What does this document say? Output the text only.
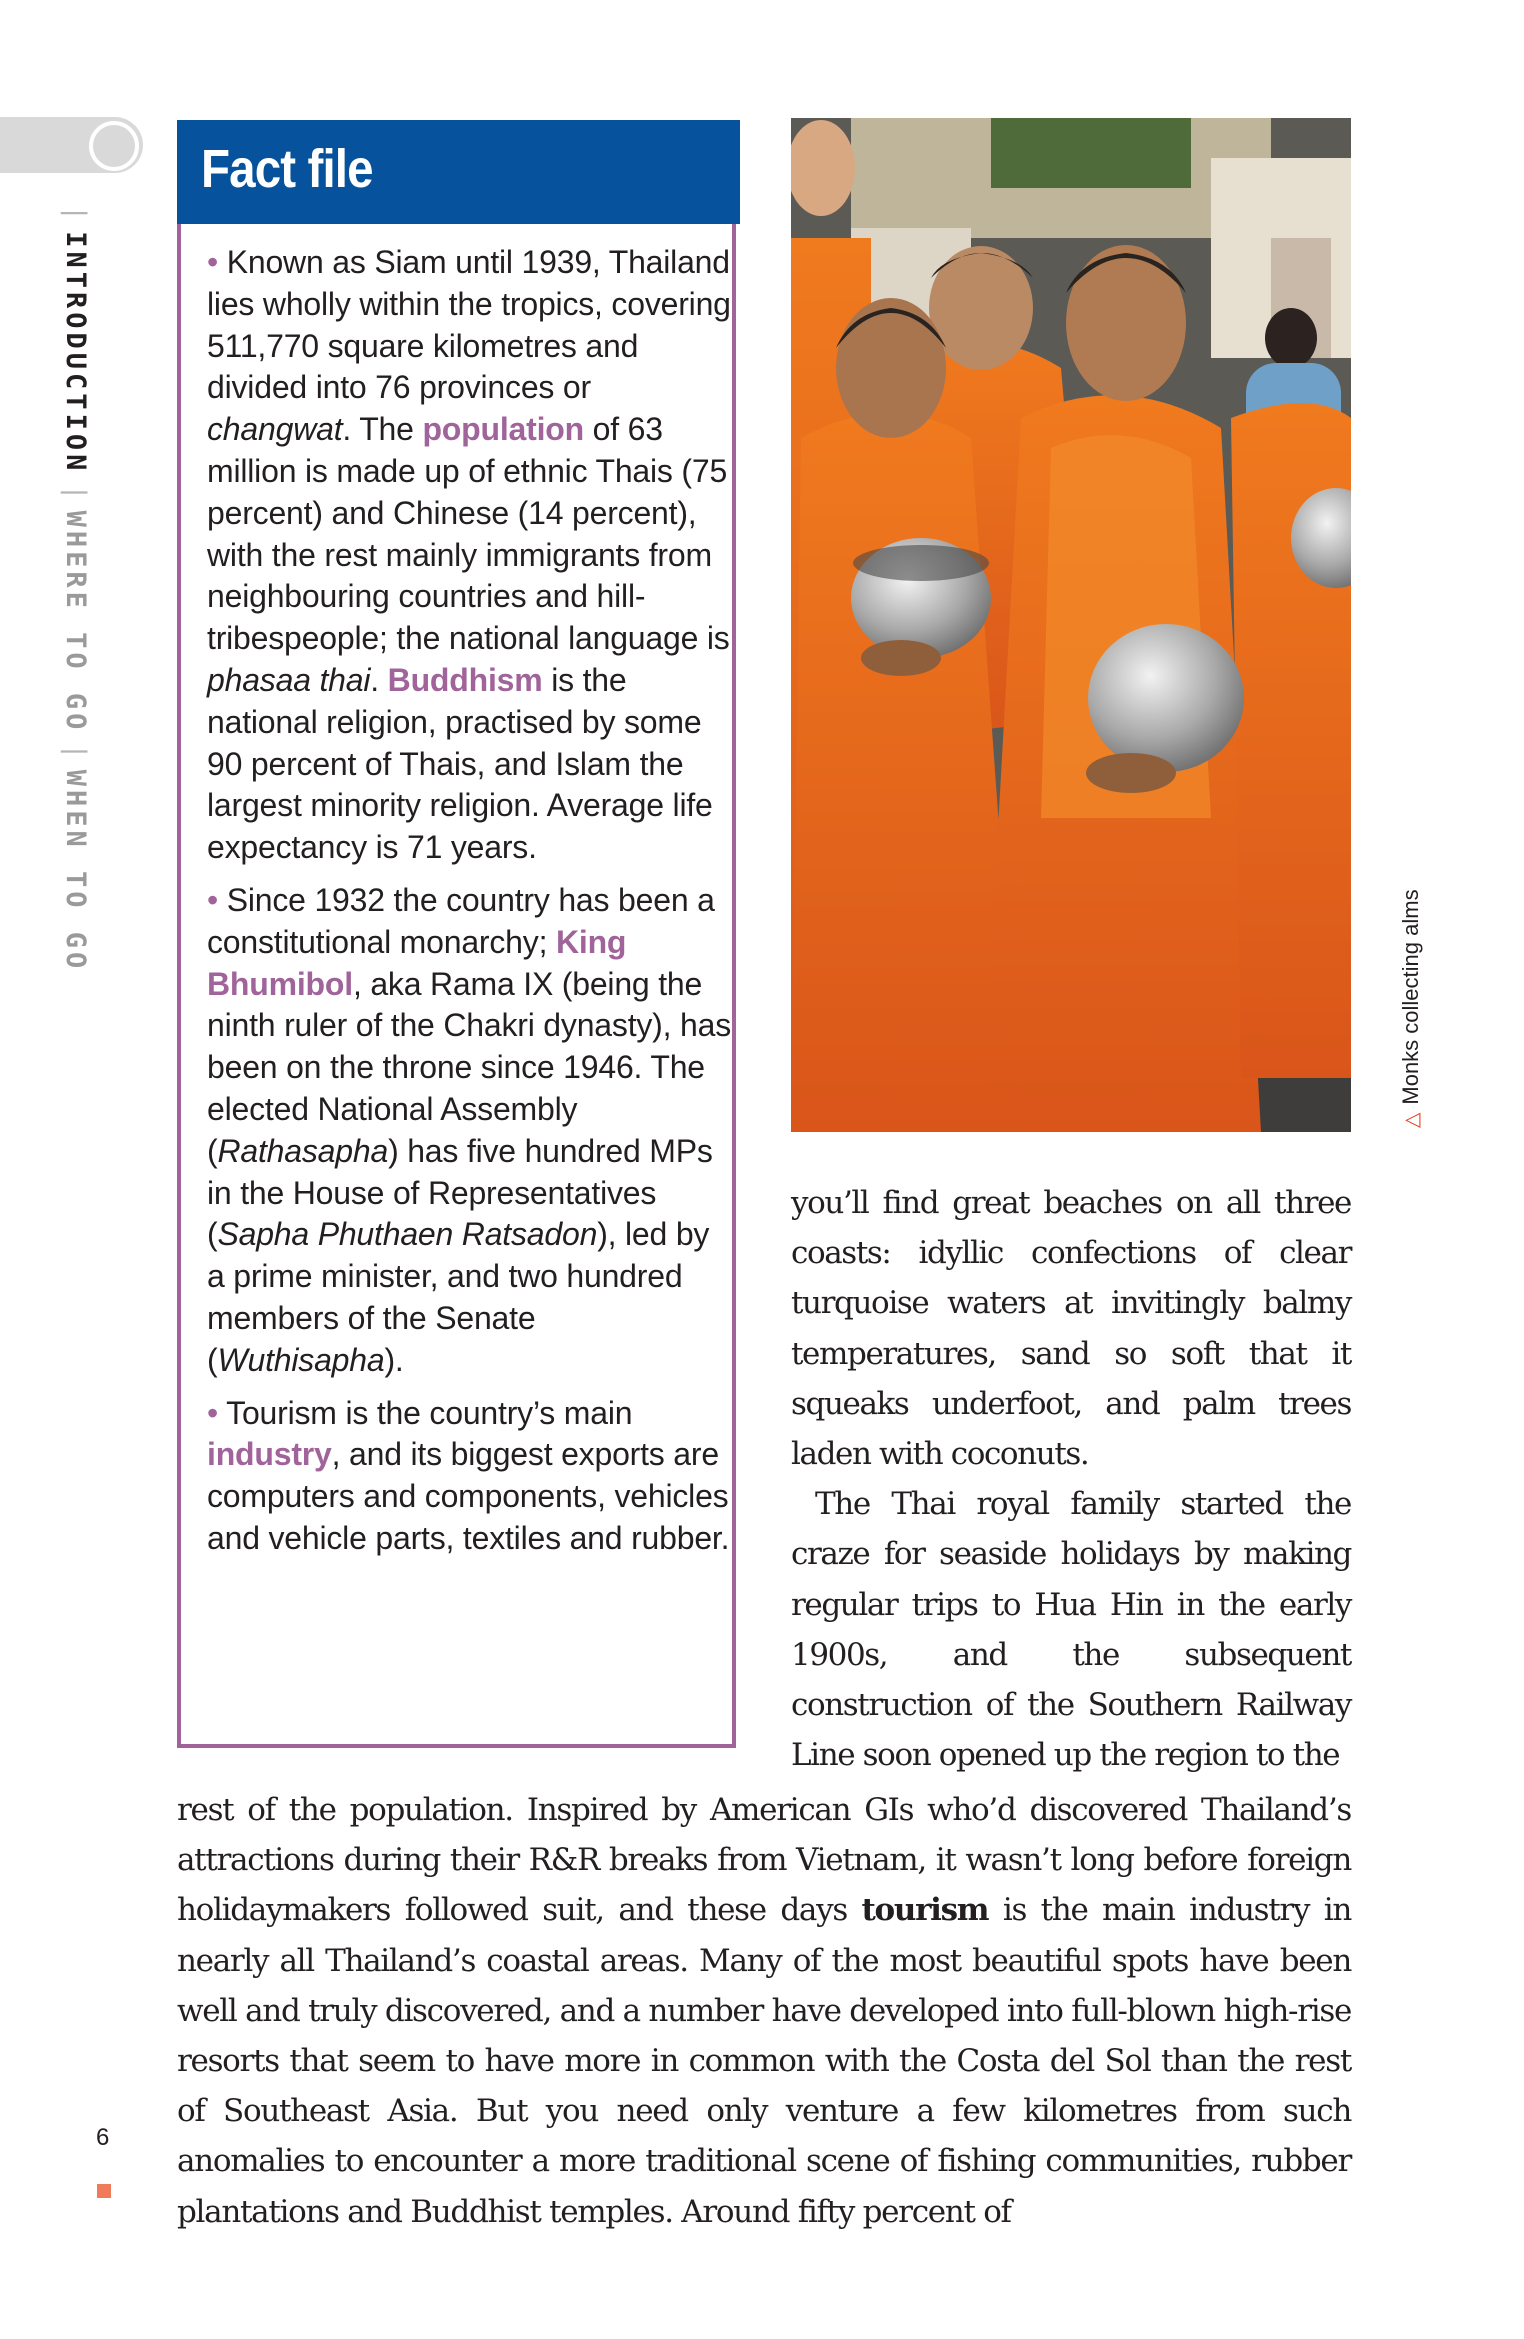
|INTRODUCTION|WHERE TO GO|WHEN TO GO
Fact file

• Known as Siam until 1939, Thailand lies wholly within the tropics, covering 511,770 square kilometres and divided into 76 provinces or changwat. The population of 63 million is made up of ethnic Thais (75 percent) and Chinese (14 percent), with the rest mainly immigrants from neighbouring countries and hill-tribespeople; the national language is phasaa thai. Buddhism is the national religion, practised by some 90 percent of Thais, and Islam the largest minority religion. Average life expectancy is 71 years.

• Since 1932 the country has been a constitutional monarchy; King Bhumibol, aka Rama IX (being the ninth ruler of the Chakri dynasty), has been on the throne since 1946. The elected National Assembly (Rathasapha) has five hundred MPs in the House of Representatives (Sapha Phuthaen Ratsadon), led by a prime minister, and two hundred members of the Senate (Wuthisapha).

• Tourism is the country’s main industry, and its biggest exports are computers and components, vehicles and vehicle parts, textiles and rubber.

△Monks collecting alms

you’ll find great beaches on all three coasts: idyllic confections of clear turquoise waters at invitingly balmy temperatures, sand so soft that it squeaks underfoot, and palm trees laden with coconuts.

The Thai royal family started the craze for seaside holidays by making regular trips to Hua Hin in the early 1900s, and the subsequent construction of the Southern Railway Line soon opened up the region to the

rest of the population. Inspired by American GIs who’d discovered Thailand’s attractions during their R&R breaks from Vietnam, it wasn’t long before foreign holidaymakers followed suit, and these days tourism is the main industry in nearly all Thailand’s coastal areas. Many of the most beautiful spots have been well and truly discovered, and a number have developed into full-blown high-rise resorts that seem to have more in common with the Costa del Sol than the rest of Southeast Asia. But you need only venture a few kilometres from such anomalies to encounter a more traditional scene of fishing communities, rubber plantations and Buddhist temples. Around fifty percent of

6
